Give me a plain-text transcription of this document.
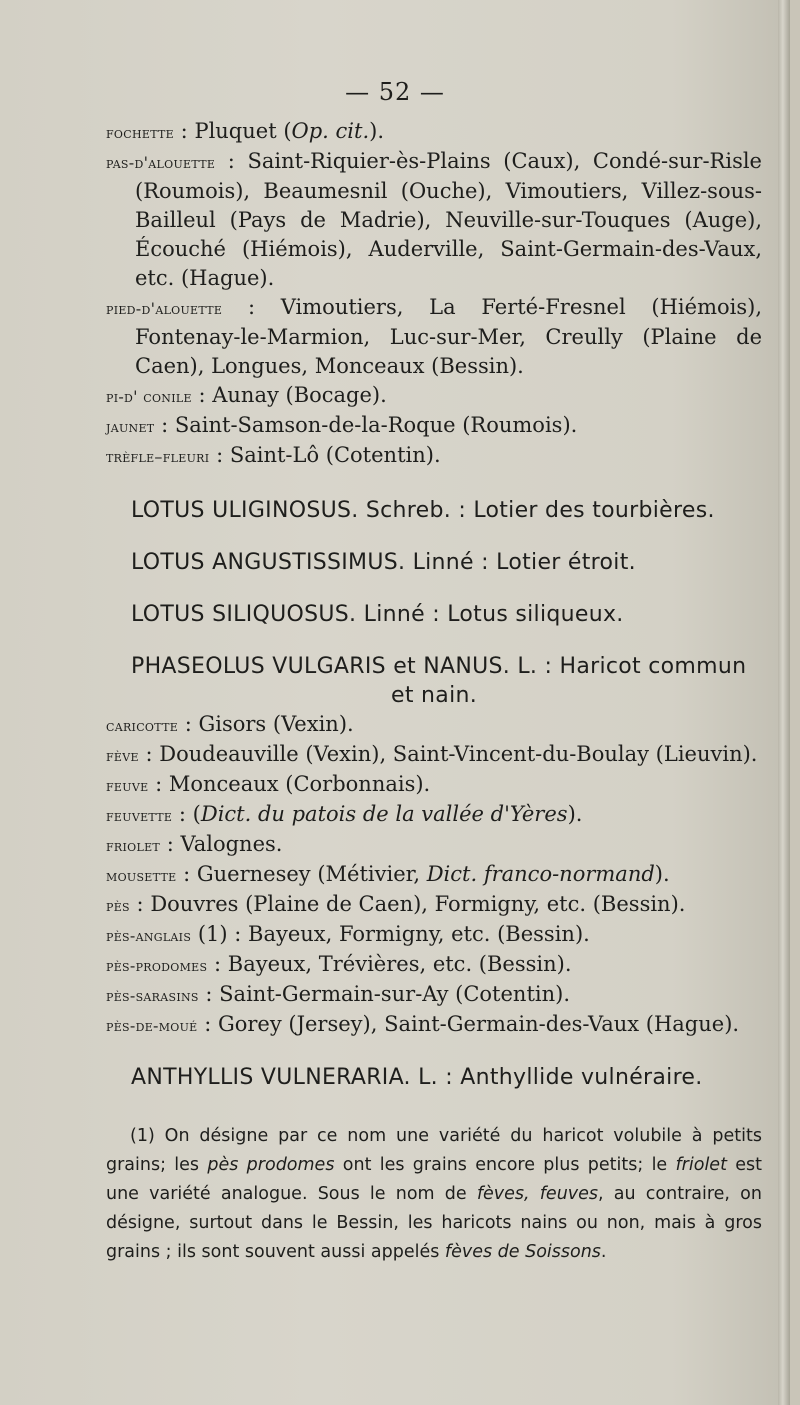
— 52 —

fochette : Pluquet (Op. cit.).

pas-d'alouette : Saint-Riquier-ès-Plains (Caux), Condé-sur-Risle (Roumois), Beaumesnil (Ouche), Vimoutiers, Villez-sous-Bailleul (Pays de Madrie), Neuville-sur-Touques (Auge), Écouché (Hiémois), Auderville, Saint-Germain-des-Vaux, etc. (Hague).

pied-d'alouette : Vimoutiers, La Ferté-Fresnel (Hiémois), Fontenay-le-Marmion, Luc-sur-Mer, Creully (Plaine de Caen), Longues, Monceaux (Bessin).

pi-d' conile : Aunay (Bocage).

jaunet : Saint-Samson-de-la-Roque (Roumois).

trèfle–fleuri : Saint-Lô (Cotentin).

LOTUS ULIGINOSUS. Schreb. : Lotier des tourbières.

LOTUS ANGUSTISSIMUS. Linné : Lotier étroit.

LOTUS SILIQUOSUS. Linné : Lotus siliqueux.

PHASEOLUS VULGARIS et NANUS. L. : Haricot commun

et nain.

caricotte : Gisors (Vexin).

fève : Doudeauville (Vexin), Saint-Vincent-du-Boulay (Lieuvin).

feuve : Monceaux (Corbonnais).

feuvette : (Dict. du patois de la vallée d'Yères).

friolet : Valognes.

mousette : Guernesey (Métivier, Dict. franco-normand).

pès : Douvres (Plaine de Caen), Formigny, etc. (Bessin).

pès-anglais (1) : Bayeux, Formigny, etc. (Bessin).

pès-prodomes : Bayeux, Trévières, etc. (Bessin).

pès-sarasins : Saint-Germain-sur-Ay (Cotentin).

pès-de-moué : Gorey (Jersey), Saint-Germain-des-Vaux (Hague).

ANTHYLLIS VULNERARIA. L. : Anthyllide vulnéraire.

(1) On désigne par ce nom une variété du haricot volubile à petits grains; les pès prodomes ont les grains encore plus petits; le friolet est une variété analogue. Sous le nom de fèves, feuves, au contraire, on désigne, surtout dans le Bessin, les haricots nains ou non, mais à gros grains ; ils sont souvent aussi appelés fèves de Soissons.
